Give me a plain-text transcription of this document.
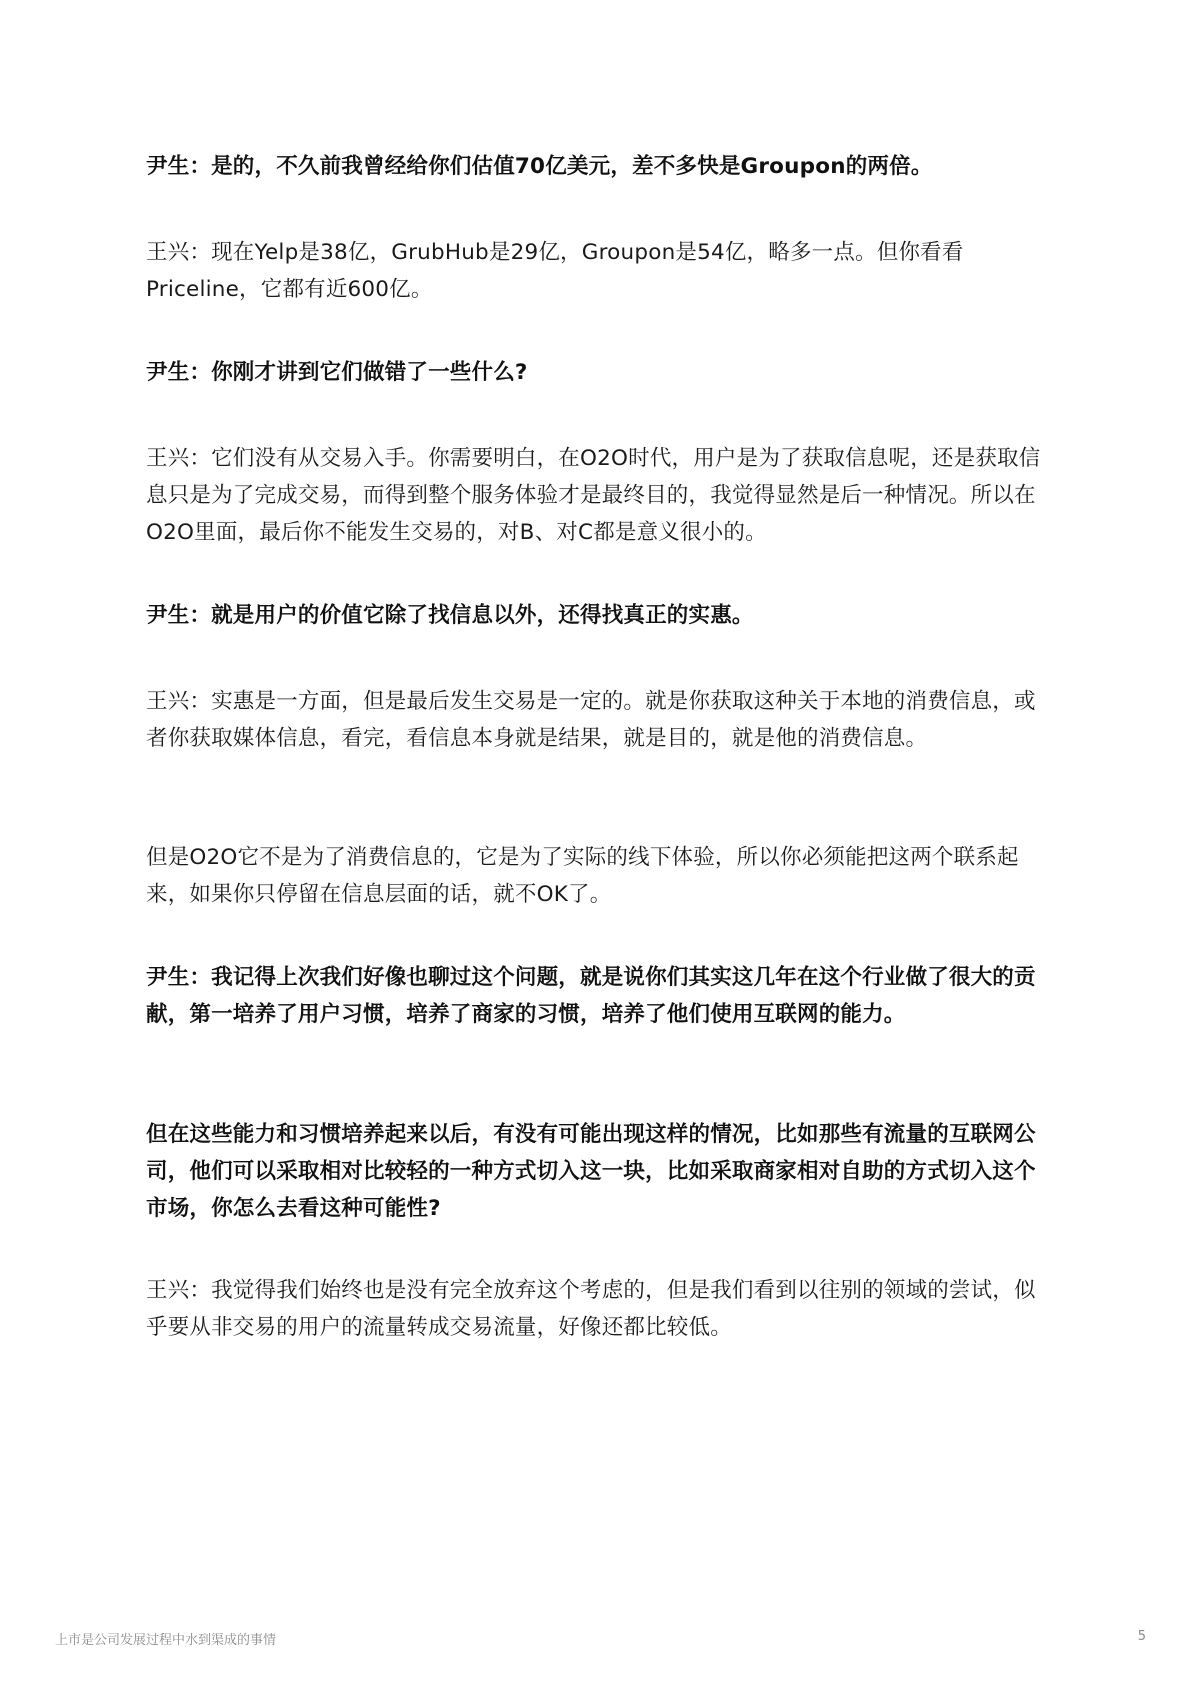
尹生：是的，不久前我曾经给你们估值70亿美元，差不多快是Groupon的两倍。

王兴：现在Yelp是38亿，GrubHub是29亿，Groupon是54亿，略多一点。但你看看Priceline，它都有近600亿。

尹生：你刚才讲到它们做错了一些什么?

王兴：它们没有从交易入手。你需要明白，在O2O时代，用户是为了获取信息呢，还是获取信息只是为了完成交易，而得到整个服务体验才是最终目的，我觉得显然是后一种情况。所以在O2O里面，最后你不能发生交易的，对B、对C都是意义很小的。

尹生：就是用户的价值它除了找信息以外，还得找真正的实惠。

王兴：实惠是一方面，但是最后发生交易是一定的。就是你获取这种关于本地的消费信息，或者你获取媒体信息，看完，看信息本身就是结果，就是目的，就是他的消费信息。

但是O2O它不是为了消费信息的，它是为了实际的线下体验，所以你必须能把这两个联系起来，如果你只停留在信息层面的话，就不OK了。

尹生：我记得上次我们好像也聊过这个问题，就是说你们其实这几年在这个行业做了很大的贡献，第一培养了用户习惯，培养了商家的习惯，培养了他们使用互联网的能力。

但在这些能力和习惯培养起来以后，有没有可能出现这样的情况，比如那些有流量的互联网公司，他们可以采取相对比较轻的一种方式切入这一块，比如采取商家相对自助的方式切入这个市场，你怎么去看这种可能性?

王兴：我觉得我们始终也是没有完全放弃这个考虑的，但是我们看到以往别的领域的尝试，似乎要从非交易的用户的流量转成交易流量，好像还都比较低。

上市是公司发展过程中水到渠成的事情	5
